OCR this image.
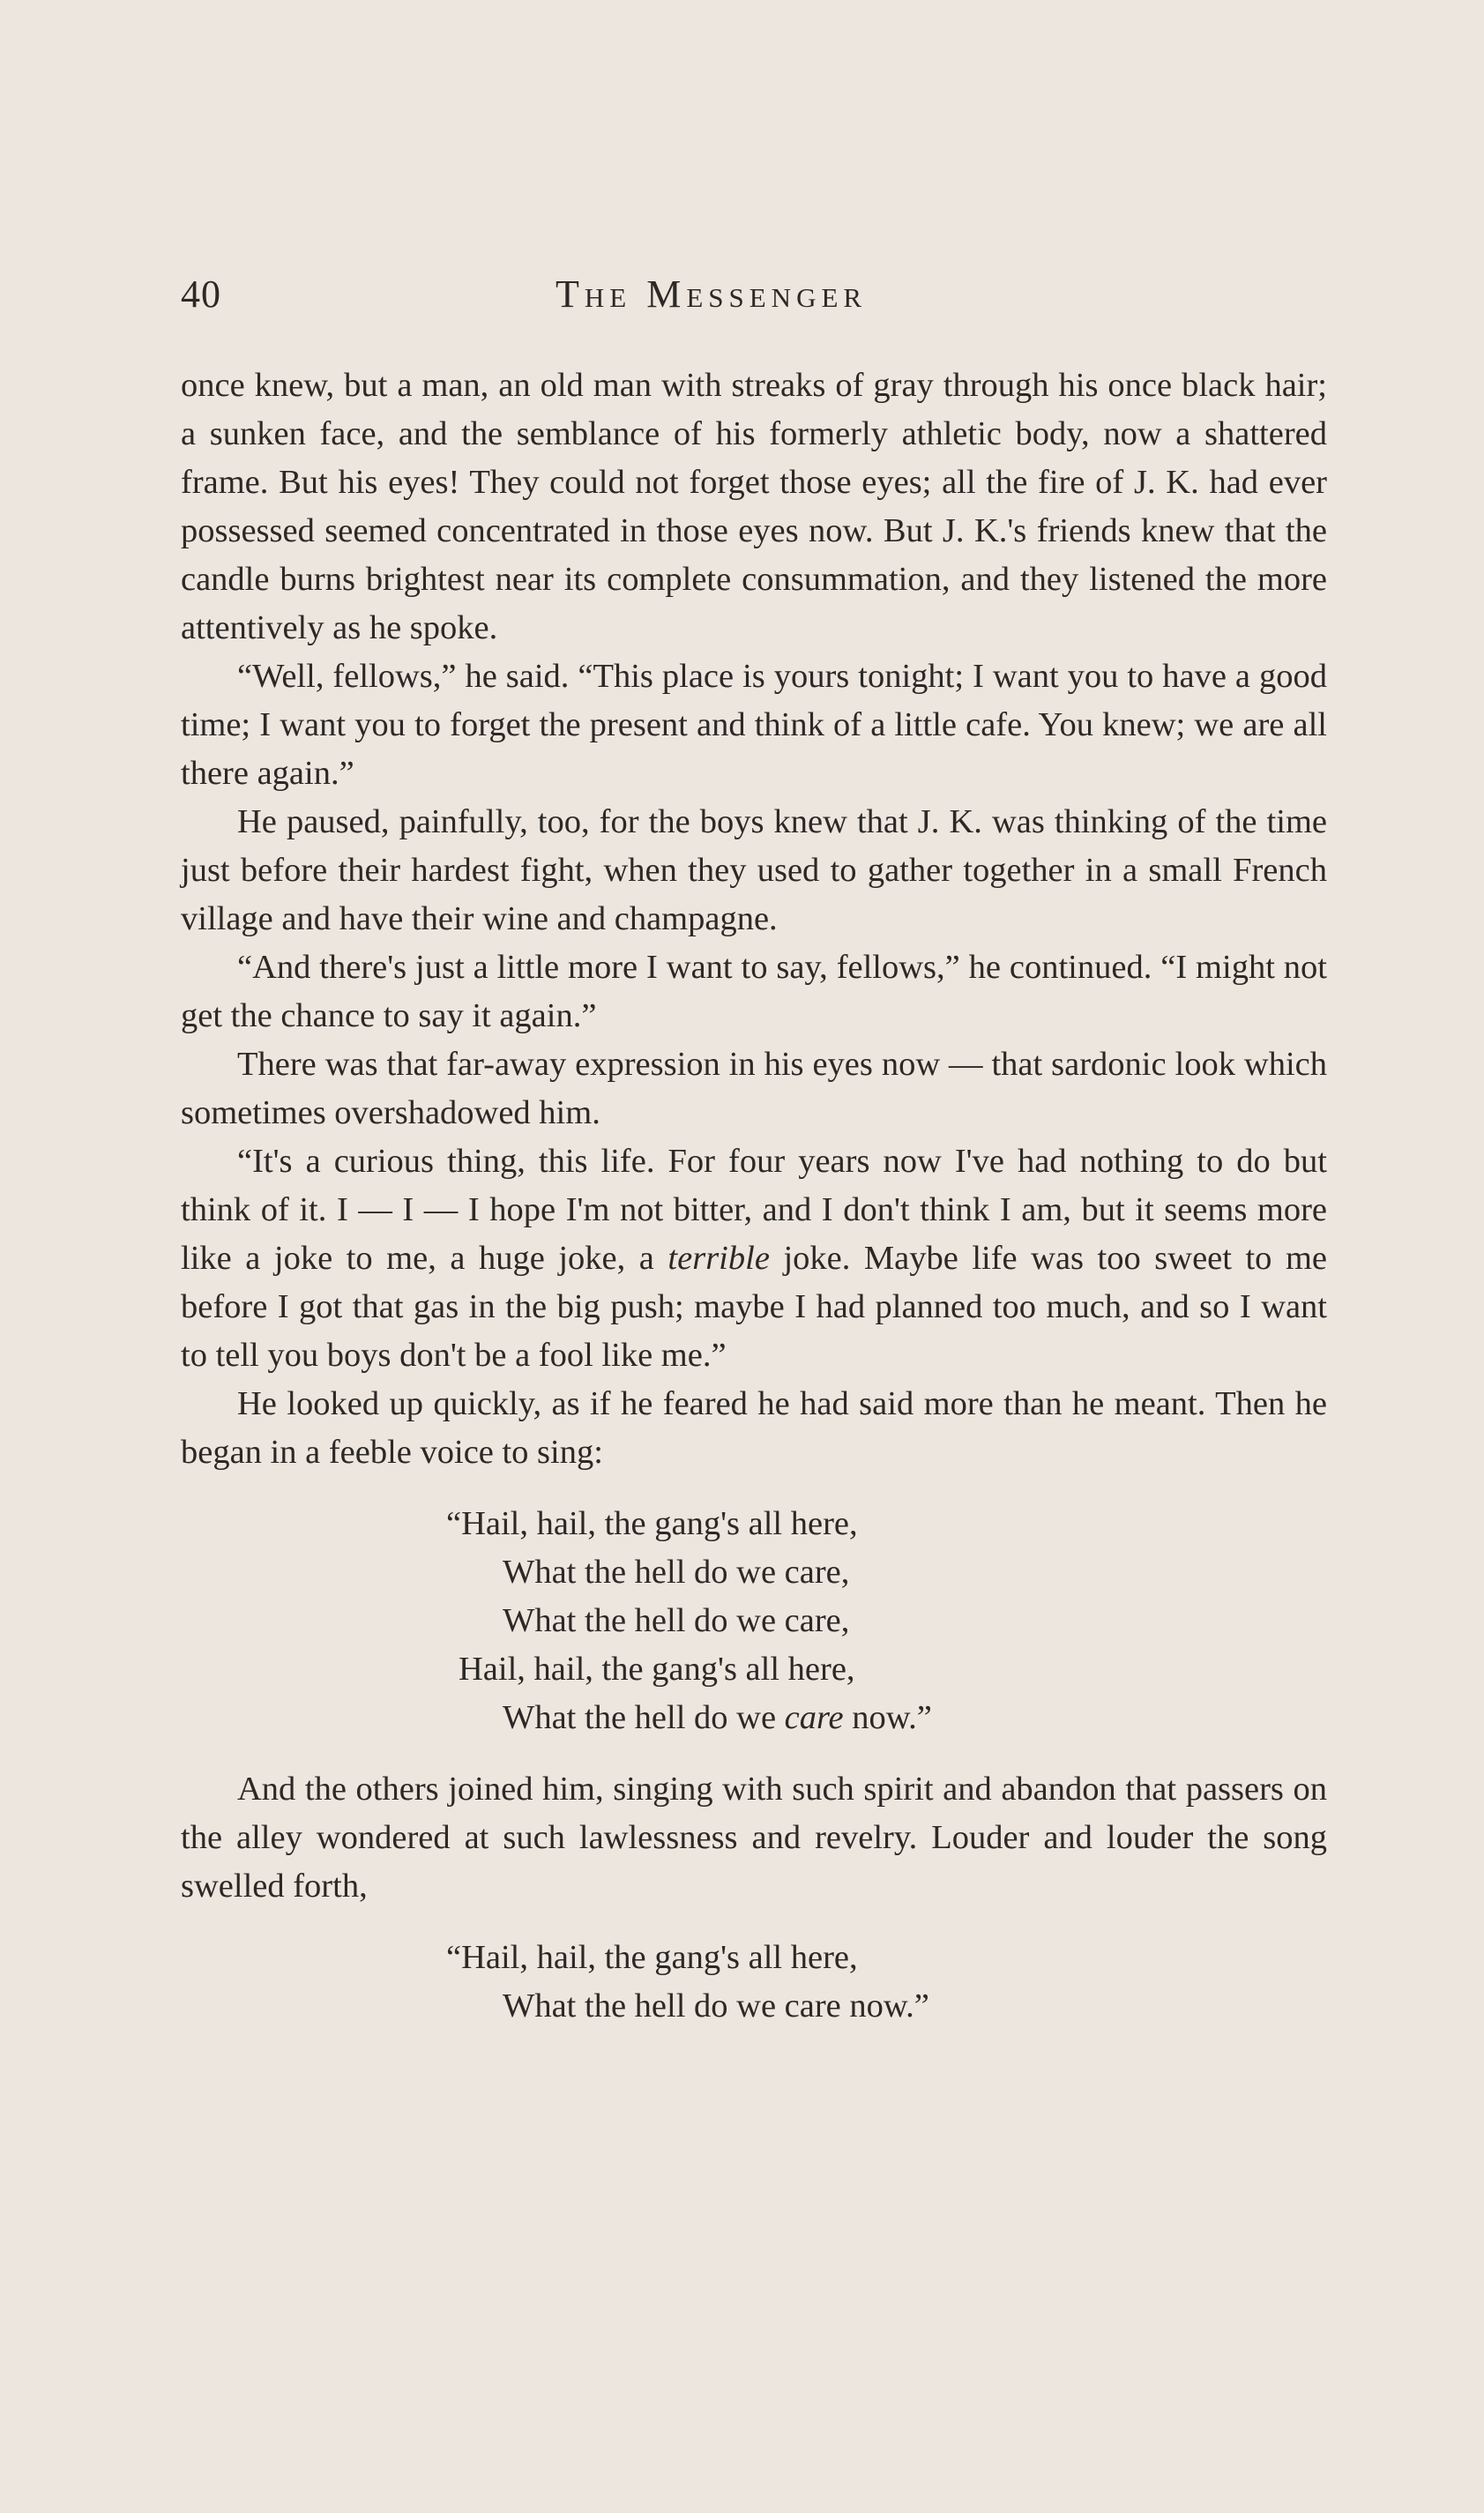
40	The Messenger

once knew, but a man, an old man with streaks of gray through his once black hair; a sunken face, and the semblance of his formerly athletic body, now a shattered frame. But his eyes! They could not forget those eyes; all the fire of J. K. had ever possessed seemed concentrated in those eyes now. But J. K.'s friends knew that the candle burns brightest near its complete consummation, and they listened the more attentively as he spoke.

“Well, fellows,” he said. “This place is yours tonight; I want you to have a good time; I want you to forget the present and think of a little cafe. You knew; we are all there again.”

He paused, painfully, too, for the boys knew that J. K. was thinking of the time just before their hardest fight, when they used to gather together in a small French village and have their wine and champagne.

“And there's just a little more I want to say, fellows,” he continued. “I might not get the chance to say it again.”

There was that far-away expression in his eyes now — that sardonic look which sometimes overshadowed him.

“It's a curious thing, this life. For four years now I've had nothing to do but think of it. I — I — I hope I'm not bitter, and I don't think I am, but it seems more like a joke to me, a huge joke, a terrible joke. Maybe life was too sweet to me before I got that gas in the big push; maybe I had planned too much, and so I want to tell you boys don't be a fool like me.”

He looked up quickly, as if he feared he had said more than he meant. Then he began in a feeble voice to sing:

“Hail, hail, the gang's all here,
What the hell do we care,
What the hell do we care,
Hail, hail, the gang's all here,
What the hell do we care now.”

And the others joined him, singing with such spirit and abandon that passers on the alley wondered at such lawlessness and revelry. Louder and louder the song swelled forth,

“Hail, hail, the gang's all here,
What the hell do we care now.”
